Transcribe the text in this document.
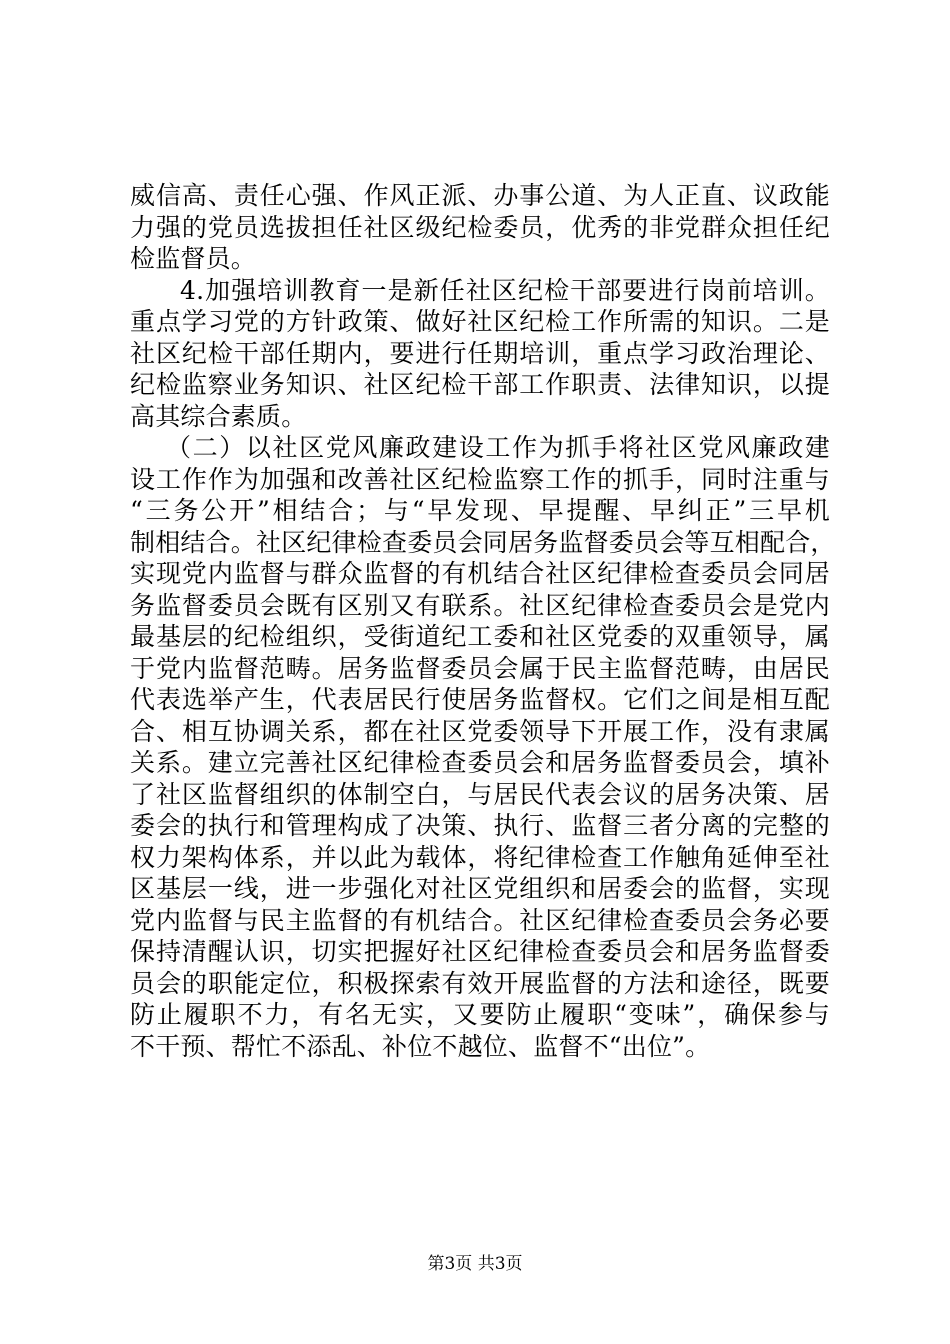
威信高、责任心强、作风正派、办事公道、为人正直、议政能
力强的党员选拔担任社区级纪检委员，优秀的非党群众担任纪
检监督员。
4.加强培训教育一是新任社区纪检干部要进行岗前培训。
重点学习党的方针政策、做好社区纪检工作所需的知识。二是
社区纪检干部任期内，要进行任期培训，重点学习政治理论、
纪检监察业务知识、社区纪检干部工作职责、法律知识，以提
高其综合素质。
（二）以社区党风廉政建设工作为抓手将社区党风廉政建
设工作作为加强和改善社区纪检监察工作的抓手，同时注重与
“三务公开”相结合；与“早发现、早提醒、早纠正”三早机
制相结合。社区纪律检查委员会同居务监督委员会等互相配合，
实现党内监督与群众监督的有机结合社区纪律检查委员会同居
务监督委员会既有区别又有联系。社区纪律检查委员会是党内
最基层的纪检组织，受街道纪工委和社区党委的双重领导，属
于党内监督范畴。居务监督委员会属于民主监督范畴，由居民
代表选举产生，代表居民行使居务监督权。它们之间是相互配
合、相互协调关系，都在社区党委领导下开展工作，没有隶属
关系。建立完善社区纪律检查委员会和居务监督委员会，填补
了社区监督组织的体制空白，与居民代表会议的居务决策、居
委会的执行和管理构成了决策、执行、监督三者分离的完整的
权力架构体系，并以此为载体，将纪律检查工作触角延伸至社
区基层一线，进一步强化对社区党组织和居委会的监督，实现
党内监督与民主监督的有机结合。社区纪律检查委员会务必要
保持清醒认识，切实把握好社区纪律检查委员会和居务监督委
员会的职能定位，积极探索有效开展监督的方法和途径，既要
防止履职不力，有名无实，又要防止履职“变味”，确保参与
不干预、帮忙不添乱、补位不越位、监督不“出位”。
第3页 共3页
